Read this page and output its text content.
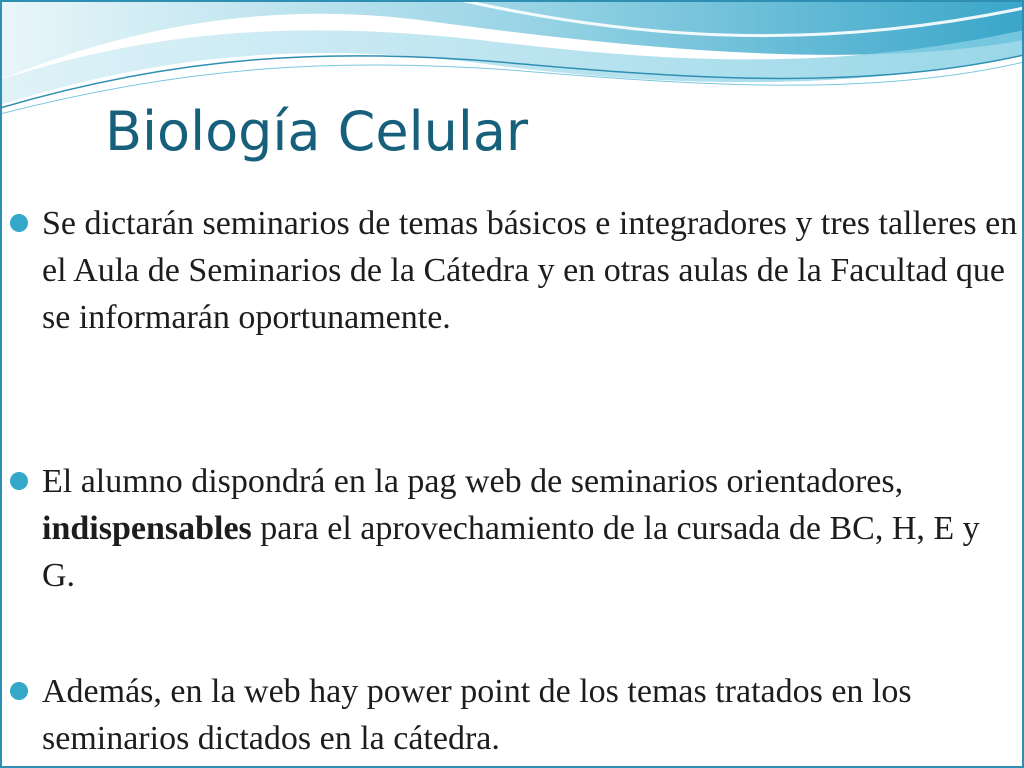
Biología Celular
Se dictarán seminarios de temas básicos e integradores y tres talleres en el Aula de Seminarios de la Cátedra y en otras aulas de la Facultad que se informarán oportunamente.
El alumno dispondrá en la pag web de seminarios orientadores, indispensables para el aprovechamiento de la cursada de BC, H, E y G.
Además, en la web hay power point de los temas tratados en los seminarios dictados en la cátedra.
